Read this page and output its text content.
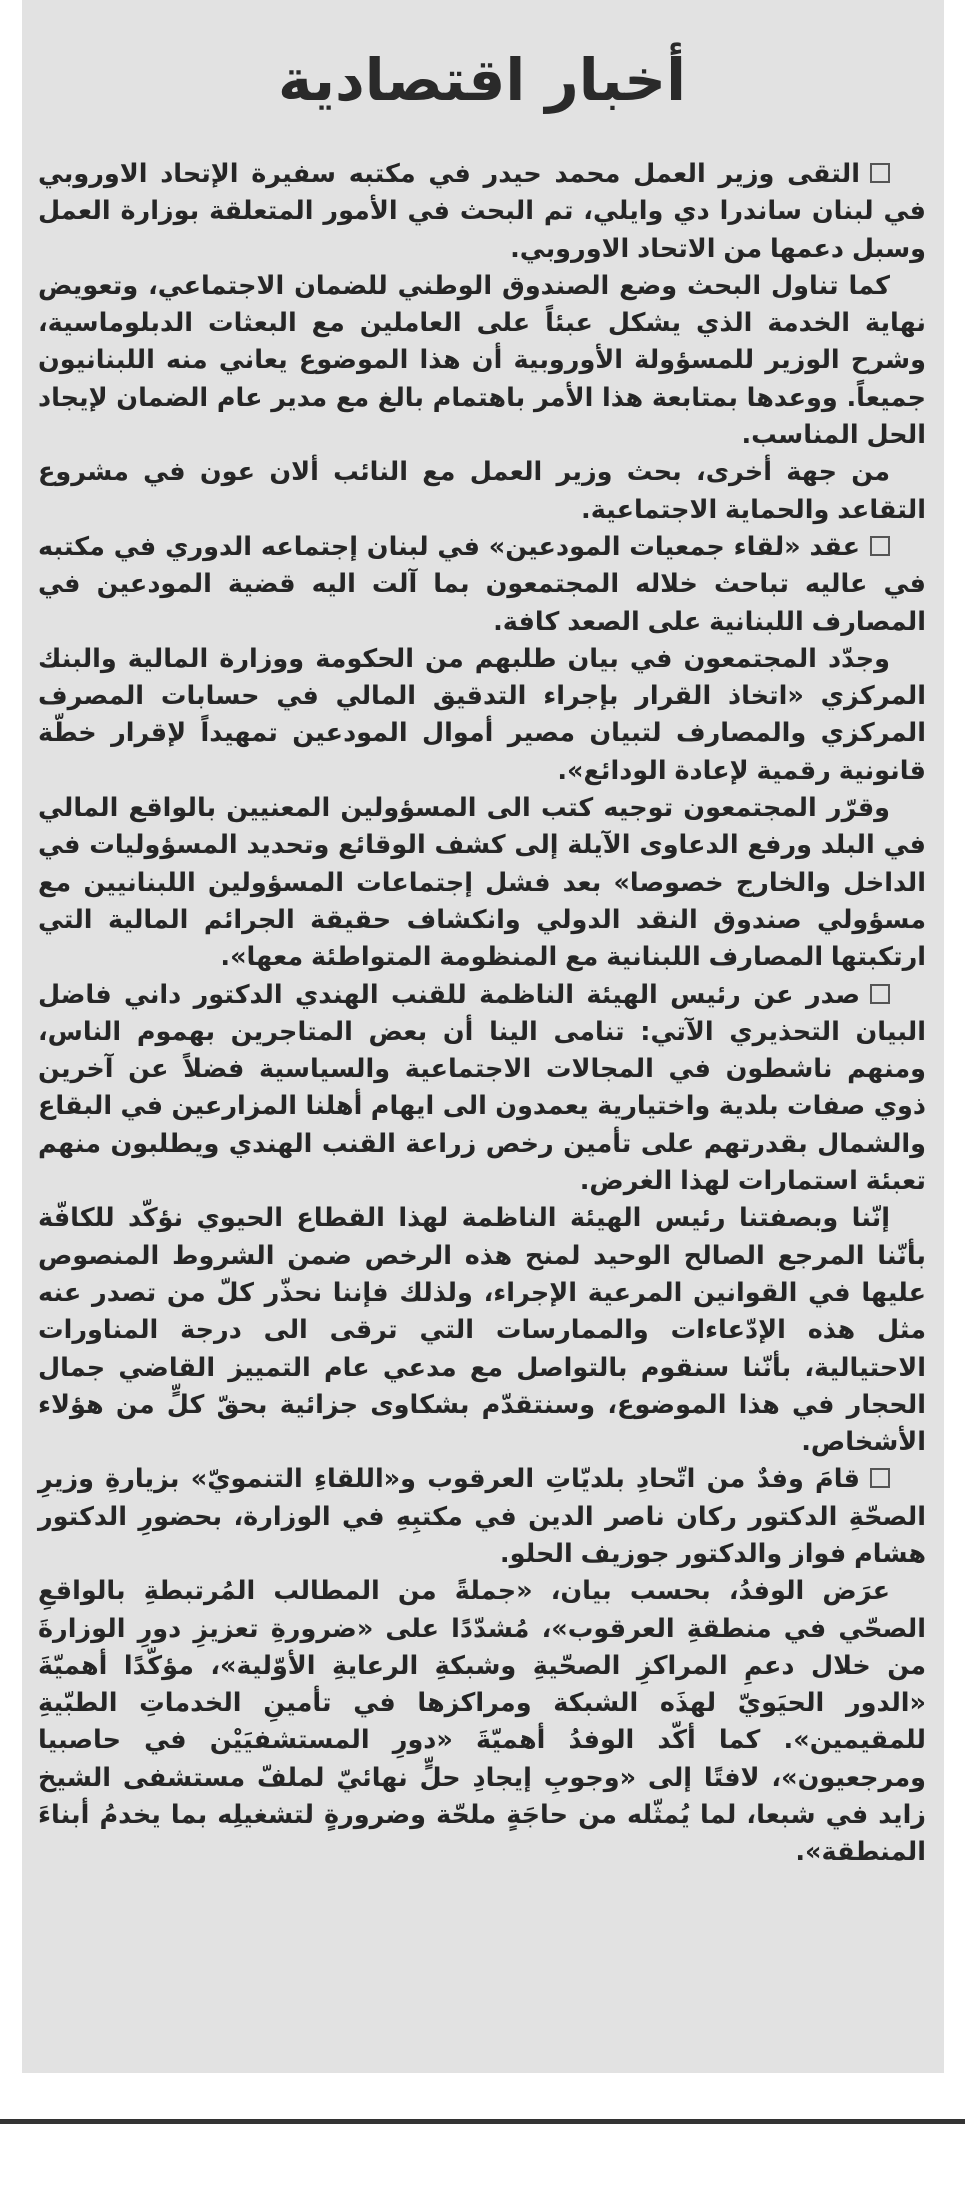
أخبار اقتصادية

التقى وزير العمل محمد حيدر في مكتبه سفيرة الإتحاد الاوروبي في لبنان ساندرا دي وايلي، تم البحث في الأمور المتعلقة بوزارة العمل وسبل دعمها من الاتحاد الاوروبي.

كما تناول البحث وضع الصندوق الوطني للضمان الاجتماعي، وتعويض نهاية الخدمة الذي يشكل عبئاً على العاملين مع البعثات الدبلوماسية، وشرح الوزير للمسؤولة الأوروبية أن هذا الموضوع يعاني منه اللبنانيون جميعاً. ووعدها بمتابعة هذا الأمر باهتمام بالغ مع مدير عام الضمان لإيجاد الحل المناسب.

من جهة أخرى، بحث وزير العمل مع النائب ألان عون في مشروع التقاعد والحماية الاجتماعية.

عقد «لقاء جمعيات المودعين» في لبنان إجتماعه الدوري في مكتبه في عاليه تباحث خلاله المجتمعون بما آلت اليه قضية المودعين في المصارف اللبنانية على الصعد كافة.

وجدّد المجتمعون في بيان طلبهم من الحكومة ووزارة المالية والبنك المركزي «اتخاذ القرار بإجراء التدقيق المالي في حسابات المصرف المركزي والمصارف لتبيان مصير أموال المودعين تمهيداً لإقرار خطّة قانونية رقمية لإعادة الودائع».

وقرّر المجتمعون توجيه كتب الى المسؤولين المعنيين بالواقع المالي في البلد ورفع الدعاوى الآيلة إلى كشف الوقائع وتحديد المسؤوليات في الداخل والخارج خصوصا» بعد فشل إجتماعات المسؤولين اللبنانيين مع مسؤولي صندوق النقد الدولي وانكشاف حقيقة الجرائم المالية التي ارتكبتها المصارف اللبنانية مع المنظومة المتواطئة معها».

صدر عن رئيس الهيئة الناظمة للقنب الهندي الدكتور داني فاضل البيان التحذيري الآتي: تنامى الينا أن بعض المتاجرين بهموم الناس، ومنهم ناشطون في المجالات الاجتماعية والسياسية فضلاً عن آخرين ذوي صفات بلدية واختيارية يعمدون الى ايهام أهلنا المزارعين في البقاع والشمال بقدرتهم على تأمين رخص زراعة القنب الهندي ويطلبون منهم تعبئة استمارات لهذا الغرض.

إنّنا وبصفتنا رئيس الهيئة الناظمة لهذا القطاع الحيوي نؤكّد للكافّة بأنّنا المرجع الصالح الوحيد لمنح هذه الرخص ضمن الشروط المنصوص عليها في القوانين المرعية الإجراء، ولذلك فإننا نحذّر كلّ من تصدر عنه مثل هذه الإدّعاءات والممارسات التي ترقى الى درجة المناورات الاحتيالية، بأنّنا سنقوم بالتواصل مع مدعي عام التمييز القاضي جمال الحجار في هذا الموضوع، وسنتقدّم بشكاوى جزائية بحقّ كلٍّ من هؤلاء الأشخاص.

قامَ وفدٌ من اتّحادِ بلديّاتِ العرقوب و«اللقاءِ التنمويّ» بزيارةِ وزيرِ الصحّةِ الدكتور ركان ناصر الدين في مكتبِهِ في الوزارة، بحضورِ الدكتور هشام فواز والدكتور جوزيف الحلو.

عرَض الوفدُ، بحسب بيان، «جملةً من المطالب المُرتبطةِ بالواقعِ الصحّي في منطقةِ العرقوب»، مُشدّدًا على «ضرورةِ تعزيزِ دورِ الوزارةَ من خلال دعمِ المراكزِ الصحّيةِ وشبكةِ الرعايةِ الأوّلية»، مؤكّدًا أهميّةَ «الدور الحيَويّ لهذَه الشبكة ومراكزها في تأمينِ الخدماتِ الطبّيةِ للمقيمين». كما أكّد الوفدُ أهميّةَ «دورِ المستشفيَيْن في حاصبيا ومرجعيون»، لافتًا إلى «وجوبِ إيجادِ حلٍّ نهائيّ لملفّ مستشفى الشيخ زايد في شبعا، لما يُمثّله من حاجَةٍ ملحّة وضرورةٍ لتشغيلِه بما يخدمُ أبناءَ المنطقة».
